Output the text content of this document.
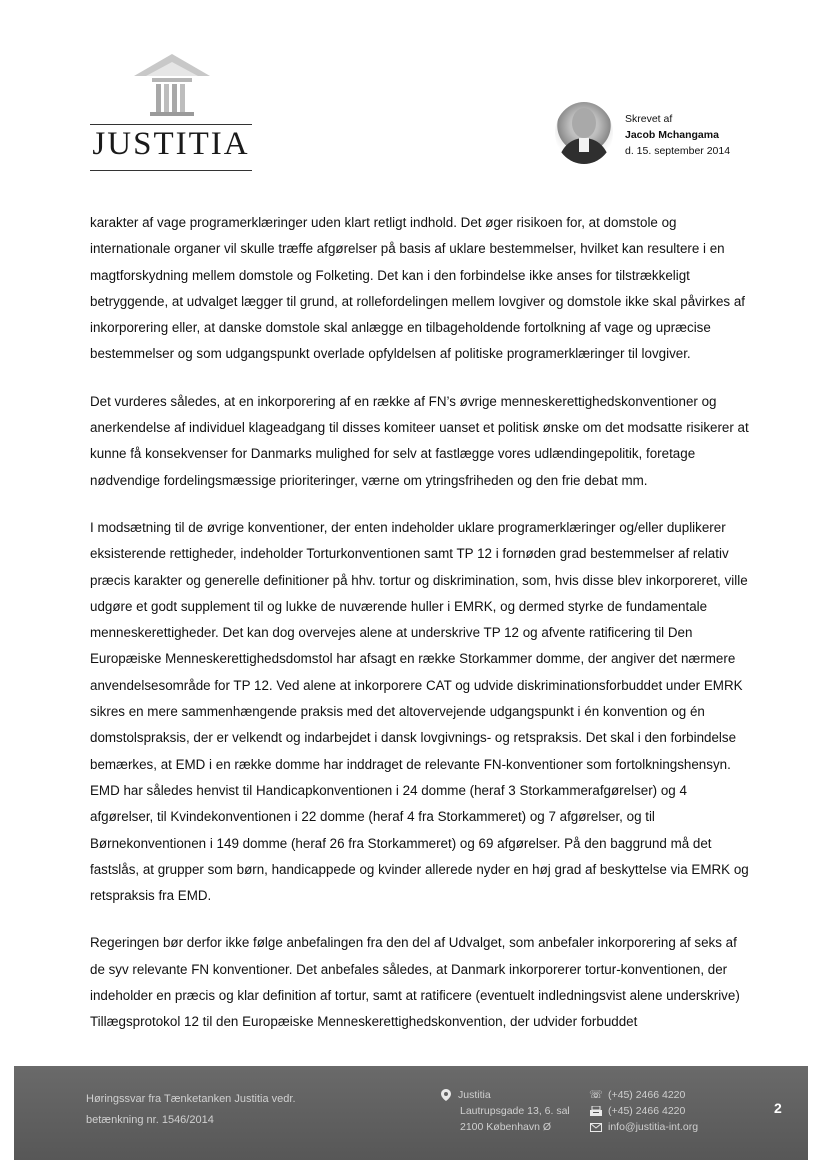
JUSTITIA
Skrevet af
Jacob Mchangama
d. 15. september 2014

karakter af vage programerklæringer uden klart retligt indhold. Det øger risikoen for, at domstole og internationale organer vil skulle træffe afgørelser på basis af uklare bestemmelser, hvilket kan resultere i en magtforskydning mellem domstole og Folketing. Det kan i den forbindelse ikke anses for tilstrækkeligt betryggende, at udvalget lægger til grund, at rollefordelingen mellem lovgiver og domstole ikke skal påvirkes af inkorporering eller, at danske domstole skal anlægge en tilbageholdende fortolkning af vage og upræcise bestemmelser og som udgangspunkt overlade opfyldelsen af politiske programerklæringer til lovgiver.

Det vurderes således, at en inkorporering af en række af FN’s øvrige menneskerettighedskonventioner og anerkendelse af individuel klageadgang til disses komiteer uanset et politisk ønske om det modsatte risikerer at kunne få konsekvenser for Danmarks mulighed for selv at fastlægge vores udlændingepolitik, foretage nødvendige fordelingsmæssige prioriteringer, værne om ytringsfriheden og den frie debat mm.

I modsætning til de øvrige konventioner, der enten indeholder uklare programerklæringer og/eller duplikerer eksisterende rettigheder, indeholder Torturkonventionen samt TP 12 i fornøden grad bestemmelser af relativ præcis karakter og generelle definitioner på hhv. tortur og diskrimination, som, hvis disse blev inkorporeret, ville udgøre et godt supplement til og lukke de nuværende huller i EMRK, og dermed styrke de fundamentale menneskerettigheder. Det kan dog overvejes alene at underskrive TP 12 og afvente ratificering til Den Europæiske Menneskerettighedsdomstol har afsagt en række Storkammer domme, der angiver det nærmere anvendelsesområde for TP 12. Ved alene at inkorporere CAT og udvide diskriminationsforbuddet under EMRK sikres en mere sammenhængende praksis med det altovervejende udgangspunkt i én konvention og én domstolspraksis, der er velkendt og indarbejdet i dansk lovgivnings- og retspraksis. Det skal i den forbindelse bemærkes, at EMD i en række domme har inddraget de relevante FN-konventioner som fortolkningshensyn. EMD har således henvist til Handicapkonventionen i 24 domme (heraf 3 Storkammerafgørelser) og 4 afgørelser, til Kvindekonventionen i 22 domme (heraf 4 fra Storkammeret) og 7 afgørelser, og til Børnekonventionen i 149 domme (heraf 26 fra Storkammeret) og 69 afgørelser. På den baggrund må det fastslås, at grupper som børn, handicappede og kvinder allerede nyder en høj grad af beskyttelse via EMRK og retspraksis fra EMD.

Regeringen bør derfor ikke følge anbefalingen fra den del af Udvalget, som anbefaler inkorporering af seks af de syv relevante FN konventioner. Det anbefales således, at Danmark inkorporerer tortur-konventionen, der indeholder en præcis og klar definition af tortur, samt at ratificere (eventuelt indledningsvist alene underskrive) Tillægsprotokol 12 til den Europæiske Menneskerettighedskonvention, der udvider forbuddet

Høringssvar fra Tænketanken Justitia vedr.
betænkning nr. 1546/2014
Justitia
Lautrupsgade 13, 6. sal
2100 København Ø
☏ (+45) 2466 4220
(+45) 2466 4220
info@justitia-int.org
2
